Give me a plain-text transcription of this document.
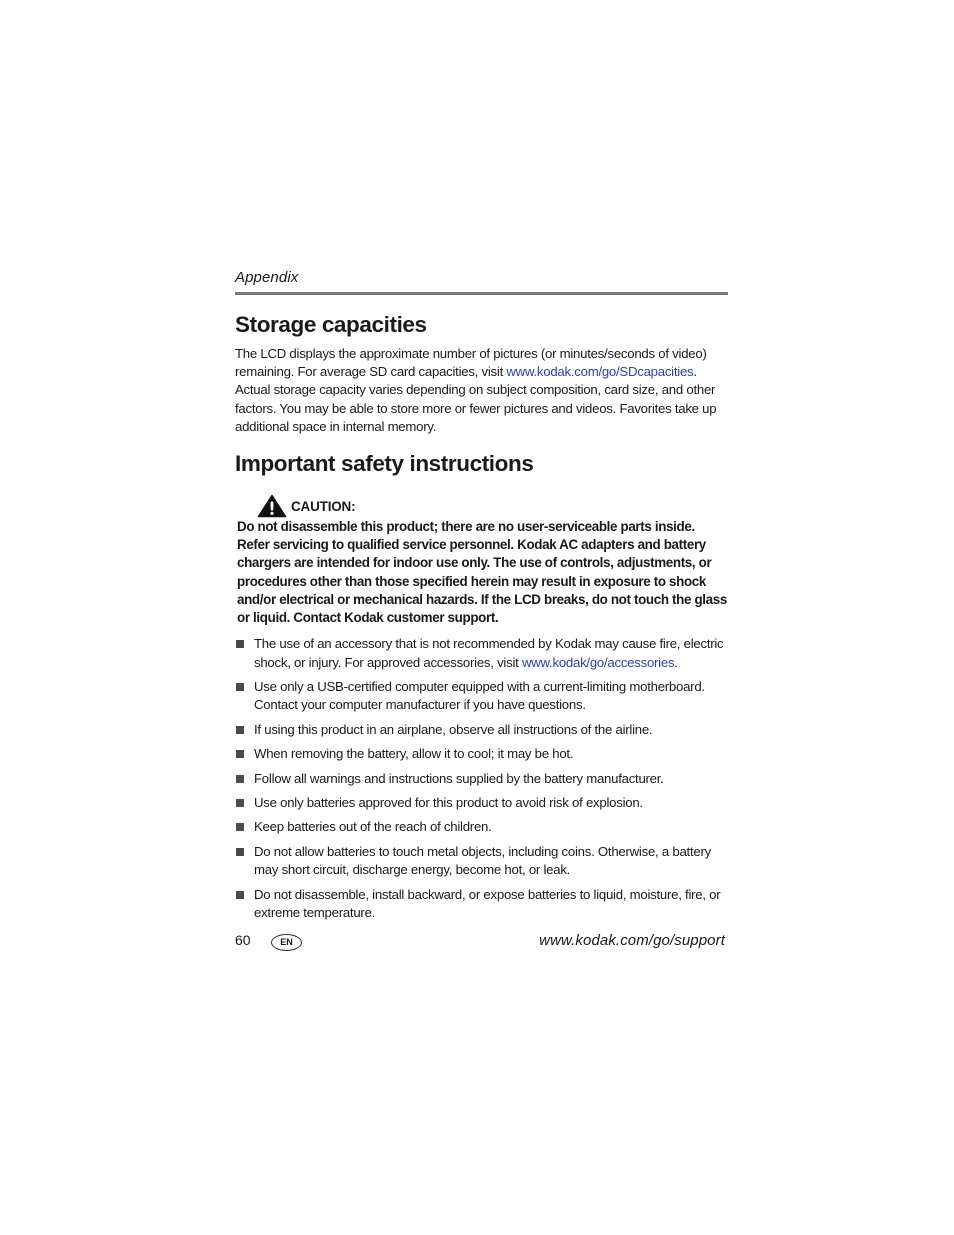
Appendix
Storage capacities

The LCD displays the approximate number of pictures (or minutes/seconds of video) remaining. For average SD card capacities, visit www.kodak.com/go/SDcapacities. Actual storage capacity varies depending on subject composition, card size, and other factors. You may be able to store more or fewer pictures and videos. Favorites take up additional space in internal memory.

Important safety instructions
CAUTION:
Do not disassemble this product; there are no user-serviceable parts inside. Refer servicing to qualified service personnel. Kodak AC adapters and battery chargers are intended for indoor use only. The use of controls, adjustments, or procedures other than those specified herein may result in exposure to shock and/or electrical or mechanical hazards. If the LCD breaks, do not touch the glass or liquid. Contact Kodak customer support.
The use of an accessory that is not recommended by Kodak may cause fire, electric shock, or injury. For approved accessories, visit www.kodak/go/accessories.
Use only a USB-certified computer equipped with a current-limiting motherboard. Contact your computer manufacturer if you have questions.
If using this product in an airplane, observe all instructions of the airline.
When removing the battery, allow it to cool; it may be hot.
Follow all warnings and instructions supplied by the battery manufacturer.
Use only batteries approved for this product to avoid risk of explosion.
Keep batteries out of the reach of children.
Do not allow batteries to touch metal objects, including coins. Otherwise, a battery may short circuit, discharge energy, become hot, or leak.
Do not disassemble, install backward, or expose batteries to liquid, moisture, fire, or extreme temperature.
60	EN	www.kodak.com/go/support
